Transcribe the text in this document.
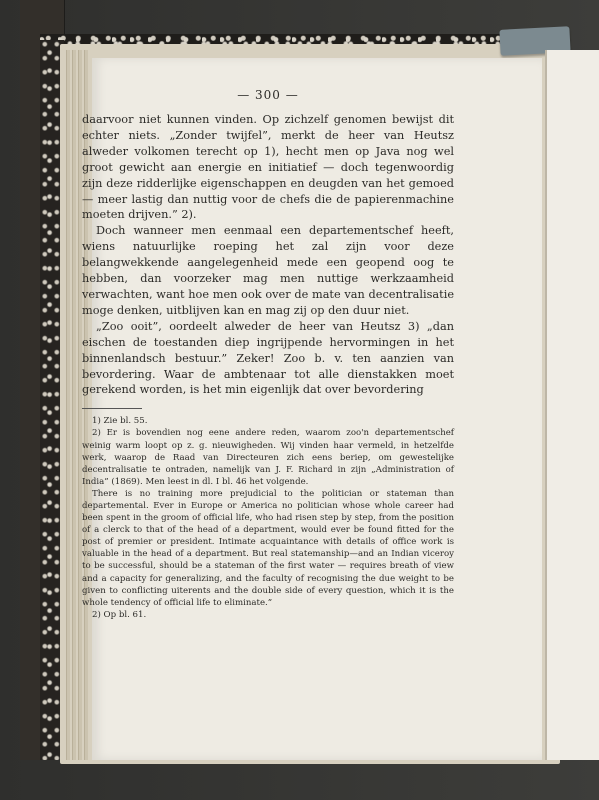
— 300 —

daarvoor niet kunnen vinden. Op zichzelf genomen bewijst dit echter niets. „Zonder twijfel”, merkt de heer van Heutsz alweder volkomen terecht op 1), hecht men op Java nog wel groot gewicht aan energie en initiatief — doch tegenwoordig zijn deze ridderlijke eigenschappen en deugden van het gemoed — meer lastig dan nuttig voor de chefs die de papierenmachine moeten drijven.” 2).

Doch wanneer men eenmaal een departementschef heeft, wiens natuurlijke roeping het zal zijn voor deze belangwekkende aangelegenheid mede een geopend oog te hebben, dan voorzeker mag men nuttige werkzaamheid verwachten, want hoe men ook over de mate van decentralisatie moge denken, uitblijven kan en mag zij op den duur niet.

„Zoo ooit”, oordeelt alweder de heer van Heutsz 3) „dan eischen de toestanden diep ingrijpende hervormingen in het binnenlandsch bestuur.” Zeker! Zoo b. v. ten aanzien van bevordering. Waar de ambtenaar tot alle dienstakken moet gerekend worden, is het min eigenlijk dat over bevordering

1) Zie bl. 55.

2) Er is bovendien nog eene andere reden, waarom zoo'n departementschef weinig warm loopt op z. g. nieuwigheden. Wij vinden haar vermeld, in hetzelfde werk, waarop de Raad van Directeuren zich eens beriep, om gewestelijke decentralisatie te ontraden, namelijk van J. F. Richard in zijn „Administration of India” (1869). Men leest in dl. I bl. 46 het volgende.

There is no training more prejudicial to the politician or stateman than departemental. Ever in Europe or America no politician whose whole career had been spent in the groom of official life, who had risen step by step, from the position of a clerck to that of the head of a department, would ever be found fitted for the post of premier or president. Intimate acquaintance with details of office work is valuable in the head of a department. But real statemanship—and an Indian viceroy to be successful, should be a stateman of the first water — requires breath of view and a capacity for generalizing, and the faculty of recognising the due weight to be given to conflicting uiterents and the double side of every question, which it is the whole tendency of official life to eliminate.”

2) Op bl. 61.
